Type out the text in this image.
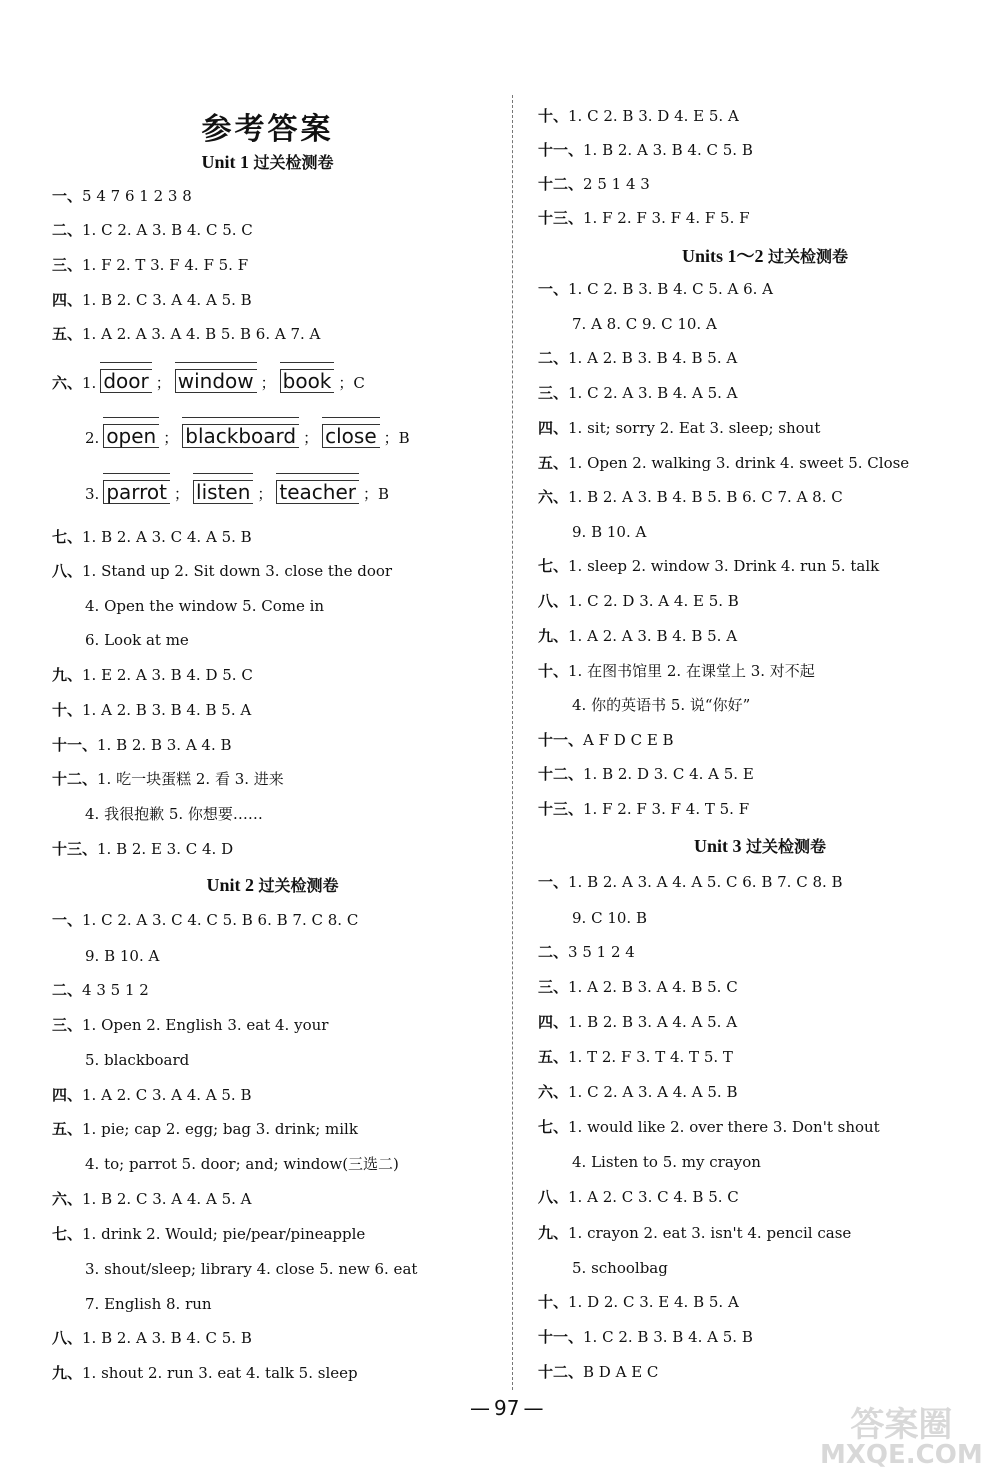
参考答案
Unit 1 过关检测卷
Unit 2 过关检测卷
Units 1～2 过关检测卷
Unit 3 过关检测卷
一、5 4 7 6 1 2 3 8
二、1. C 2. A 3. B 4. C 5. C
三、1. F 2. T 3. F 4. F 5. F
四、1. B 2. C 3. A 4. A 5. B
五、1. A 2. A 3. A 4. B 5. B 6. A 7. A
六、1. door ； window ； book ；C
2. open ； blackboard ； close ；B
3. parrot ； listen ； teacher ；B
七、1. B 2. A 3. C 4. A 5. B
八、1. Stand up 2. Sit down 3. close the door
4. Open the window 5. Come in
6. Look at me
九、1. E 2. A 3. B 4. D 5. C
十、1. A 2. B 3. B 4. B 5. A
十一、1. B 2. B 3. A 4. B
十二、1. 吃一块蛋糕 2. 看 3. 进来
4. 我很抱歉 5. 你想要……
十三、1. B 2. E 3. C 4. D
一、1. C 2. A 3. C 4. C 5. B 6. B 7. C 8. C
9. B 10. A
二、4 3 5 1 2
三、1. Open 2. English 3. eat 4. your
5. blackboard
四、1. A 2. C 3. A 4. A 5. B
五、1. pie; cap 2. egg; bag 3. drink; milk
4. to; parrot 5. door; and; window(三选二)
六、1. B 2. C 3. A 4. A 5. A
七、1. drink 2. Would; pie/pear/pineapple
3. shout/sleep; library 4. close 5. new 6. eat
7. English 8. run
八、1. B 2. A 3. B 4. C 5. B
九、1. shout 2. run 3. eat 4. talk 5. sleep
十、1. C 2. B 3. D 4. E 5. A
十一、1. B 2. A 3. B 4. C 5. B
十二、2 5 1 4 3
十三、1. F 2. F 3. F 4. F 5. F
一、1. C 2. B 3. B 4. C 5. A 6. A
7. A 8. C 9. C 10. A
二、1. A 2. B 3. B 4. B 5. A
三、1. C 2. A 3. B 4. A 5. A
四、1. sit; sorry 2. Eat 3. sleep; shout
五、1. Open 2. walking 3. drink 4. sweet 5. Close
六、1. B 2. A 3. B 4. B 5. B 6. C 7. A 8. C
9. B 10. A
七、1. sleep 2. window 3. Drink 4. run 5. talk
八、1. C 2. D 3. A 4. E 5. B
九、1. A 2. A 3. B 4. B 5. A
十、1. 在图书馆里 2. 在课堂上 3. 对不起
4. 你的英语书 5. 说“你好”
十一、A F D C E B
十二、1. B 2. D 3. C 4. A 5. E
十三、1. F 2. F 3. F 4. T 5. F
一、1. B 2. A 3. A 4. A 5. C 6. B 7. C 8. B
9. C 10. B
二、3 5 1 2 4
三、1. A 2. B 3. A 4. B 5. C
四、1. B 2. B 3. A 4. A 5. A
五、1. T 2. F 3. T 4. T 5. T
六、1. C 2. A 3. A 4. A 5. B
七、1. would like 2. over there 3. Don't shout
4. Listen to 5. my crayon
八、1. A 2. C 3. C 4. B 5. C
九、1. crayon 2. eat 3. isn't 4. pencil case
5. schoolbag
十、1. D 2. C 3. E 4. B 5. A
十一、1. C 2. B 3. B 4. A 5. B
十二、B D A E C
— 97 —	答案圈
MXQE.COM
